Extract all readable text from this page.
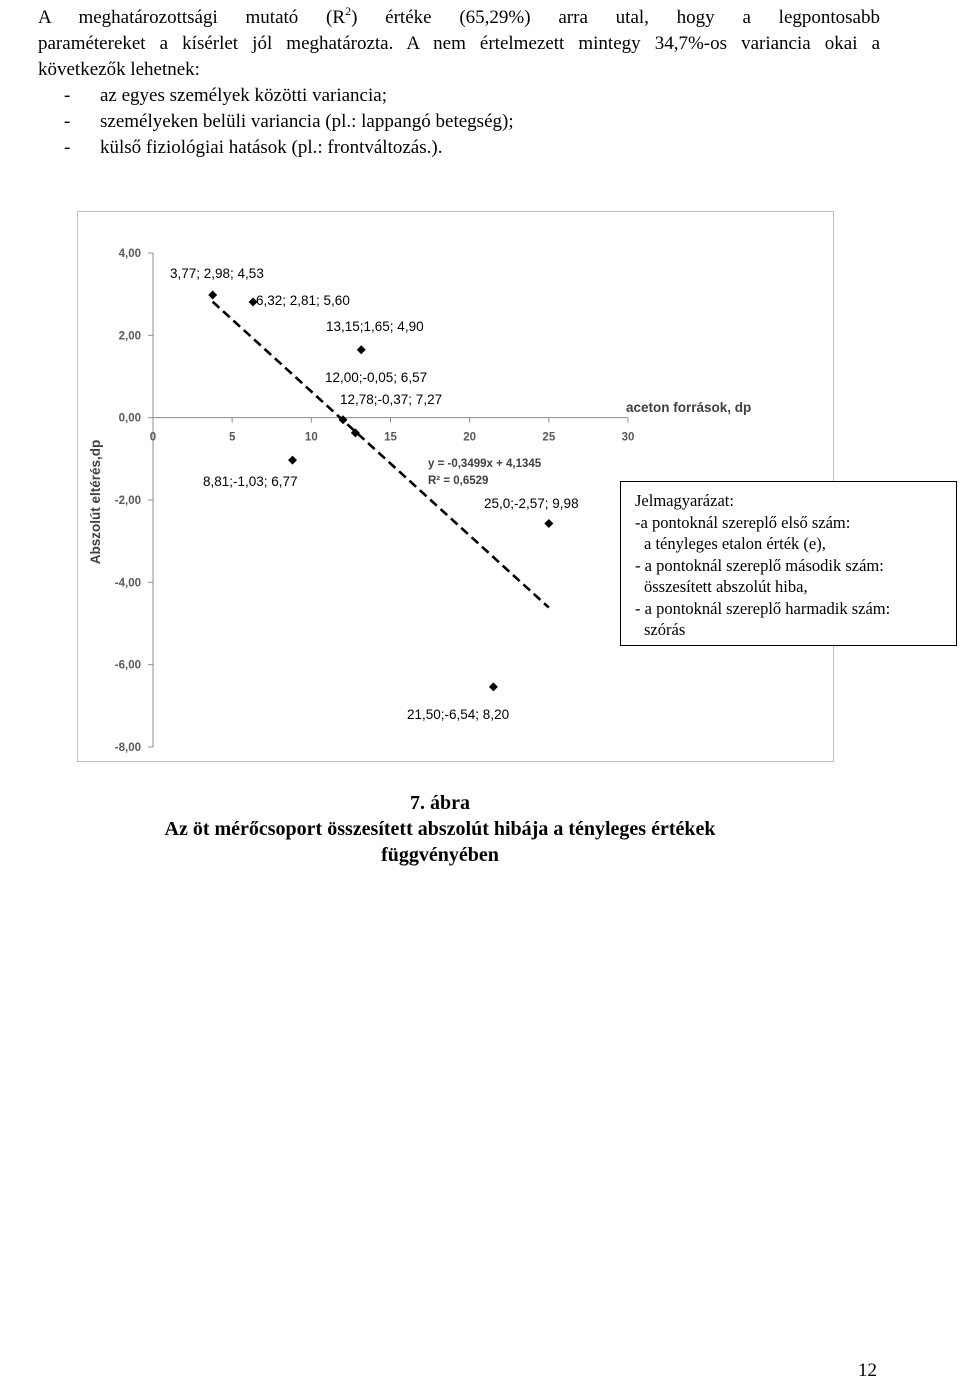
A meghatározottsági mutató $(R^2)$ értéke (65,29%) arra utal, hogy a legpontosabb
paramétereket a kísérlet jól meghatározta. A nem értelmezett mintegy 34,7%-os variancia okai a
következők lehetnek:
- az egyes személyek közötti variancia;
- személyeken belüli variancia (pl.: lappangó betegség);
- külső fiziológiai hatások (pl.: frontváltozás.).
4,00
2,00
0,00
-2,00
-4,00
-6,00
-8,00
0	5	10	15	20	25	30
aceton források, dp
Abszolút eltérés,dp	y = -0,3499x + 4,1345
R² = 0,6529
3,77; 2,98; 4,53
6,32; 2,81; 5,60
13,15;1,65; 4,90
12,00;-0,05; 6,57
12,78;-0,37; 7,27
8,81;-1,03; 6,77
25,0;-2,57; 9,98
21,50;-6,54; 8,20
Jelmagyarázat:
-a pontoknál szereplő első szám:
a tényleges etalon érték (e),
- a pontoknál szereplő második szám:
összesített abszolút hiba,
- a pontoknál szereplő harmadik szám:
szórás
7. ábra
Az öt mérőcsoport összesített abszolút hibája a tényleges értékek
függvényében
12
